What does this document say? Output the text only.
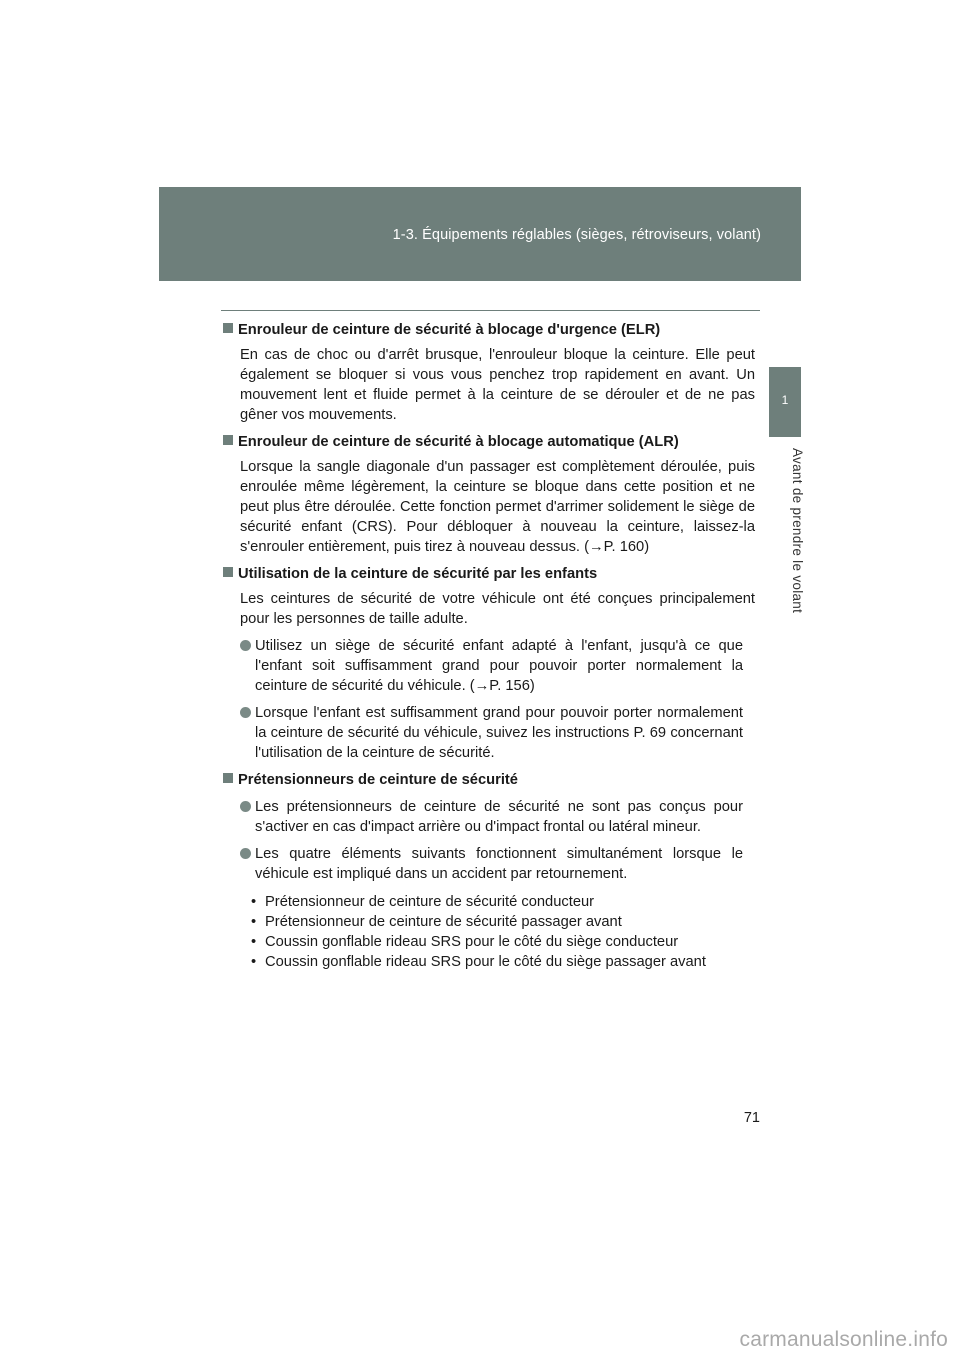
1-3. Équipements réglables (sièges, rétroviseurs, volant)
1
Avant de prendre le volant
Enrouleur de ceinture de sécurité à blocage d'urgence (ELR)

En cas de choc ou d'arrêt brusque, l'enrouleur bloque la ceinture. Elle peut également se bloquer si vous vous penchez trop rapidement en avant. Un mouvement lent et fluide permet à la ceinture de se dérouler et de ne pas gêner vos mouvements.

Enrouleur de ceinture de sécurité à blocage automatique (ALR)

Lorsque la sangle diagonale d'un passager est complètement déroulée, puis enroulée même légèrement, la ceinture se bloque dans cette position et ne peut plus être déroulée. Cette fonction permet d'arrimer solidement le siège de sécurité enfant (CRS). Pour débloquer à nouveau la ceinture, laissez-la s'enrouler entièrement, puis tirez à nouveau dessus. (→P. 160)

Utilisation de la ceinture de sécurité par les enfants

Les ceintures de sécurité de votre véhicule ont été conçues principalement pour les personnes de taille adulte.

Utilisez un siège de sécurité enfant adapté à l'enfant, jusqu'à ce que l'enfant soit suffisamment grand pour pouvoir porter normalement la ceinture de sécurité du véhicule. (→P. 156)
Lorsque l'enfant est suffisamment grand pour pouvoir porter normalement la ceinture de sécurité du véhicule, suivez les instructions P. 69 concernant l'utilisation de la ceinture de sécurité.
Prétensionneurs de ceinture de sécurité
Les prétensionneurs de ceinture de sécurité ne sont pas conçus pour s'activer en cas d'impact arrière ou d'impact frontal ou latéral mineur.
Les quatre éléments suivants fonctionnent simultanément lorsque le véhicule est impliqué dans un accident par retournement.
• Prétensionneur de ceinture de sécurité conducteur
• Prétensionneur de ceinture de sécurité passager avant
• Coussin gonflable rideau SRS pour le côté du siège conducteur
• Coussin gonflable rideau SRS pour le côté du siège passager avant
71
carmanualsonline.info
